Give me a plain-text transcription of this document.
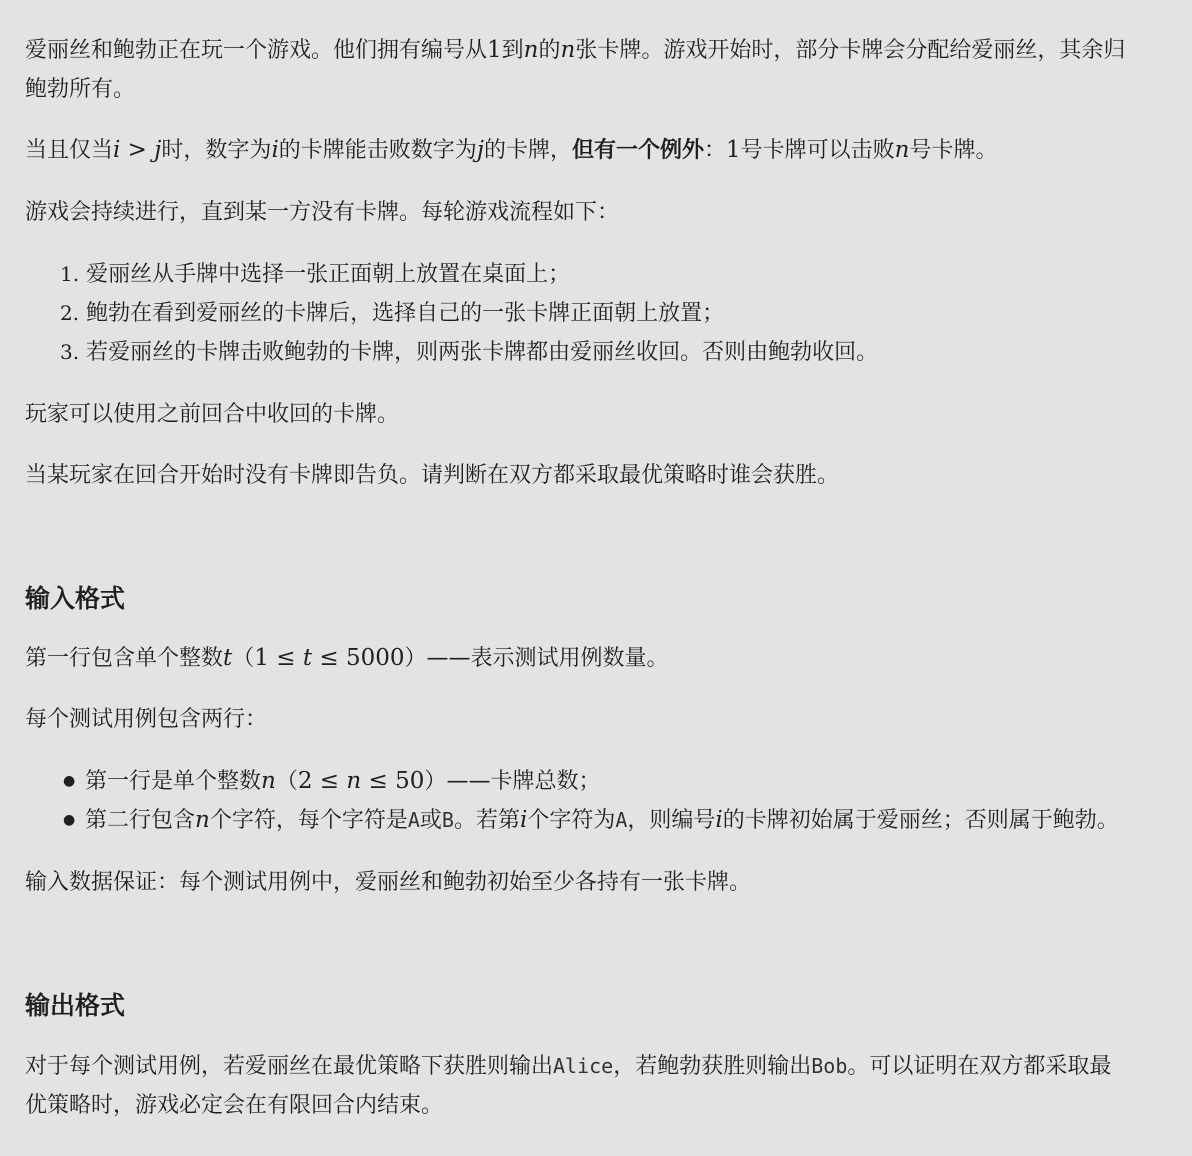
爱丽丝和鲍勃正在玩一个游戏。他们拥有编号从1到n的n张卡牌。游戏开始时，部分卡牌会分配给爱丽丝，其余归

鲍勃所有。

当且仅当i > j时，数字为i的卡牌能击败数字为j的卡牌，但有一个例外：1号卡牌可以击败n号卡牌。

游戏会持续进行，直到某一方没有卡牌。每轮游戏流程如下：

1. 爱丽丝从手牌中选择一张正面朝上放置在桌面上；
2. 鲍勃在看到爱丽丝的卡牌后，选择自己的一张卡牌正面朝上放置；
3. 若爱丽丝的卡牌击败鲍勃的卡牌，则两张卡牌都由爱丽丝收回。否则由鲍勃收回。

玩家可以使用之前回合中收回的卡牌。

当某玩家在回合开始时没有卡牌即告负。请判断在双方都采取最优策略时谁会获胜。

输入格式

第一行包含单个整数t（1 ≤ t ≤ 5000）——表示测试用例数量。

每个测试用例包含两行：

● 第一行是单个整数n（2 ≤ n ≤ 50）——卡牌总数；
● 第二行包含n个字符，每个字符是A或B。若第i个字符为A，则编号i的卡牌初始属于爱丽丝；否则属于鲍勃。

输入数据保证：每个测试用例中，爱丽丝和鲍勃初始至少各持有一张卡牌。

输出格式

对于每个测试用例，若爱丽丝在最优策略下获胜则输出Alice，若鲍勃获胜则输出Bob。可以证明在双方都采取最

优策略时，游戏必定会在有限回合内结束。
